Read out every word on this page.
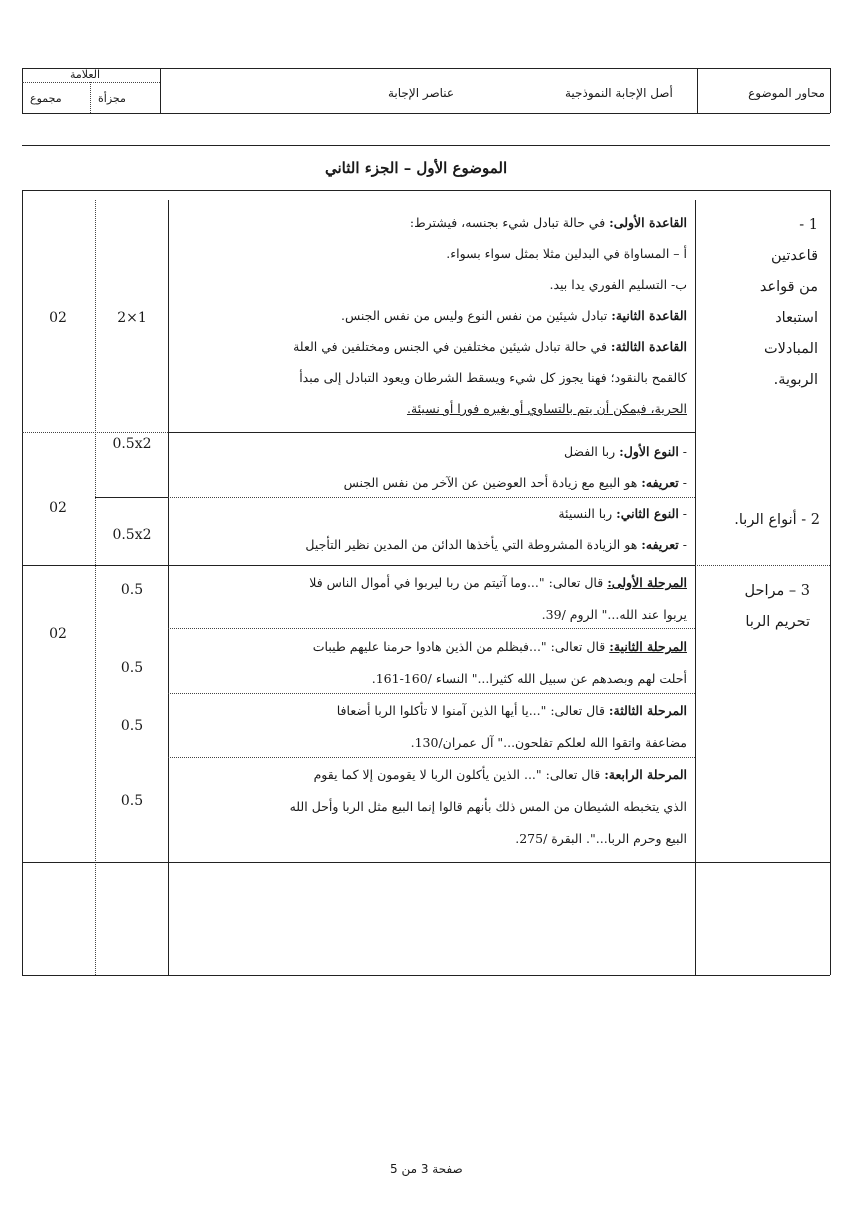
محاور الموضوع
أصل الإجابة النموذجية
عناصر الإجابة
العلامة
مجزأة
مجموع
الموضوع الأول – الجزء الثاني
1 - قاعدتين من قواعد استبعاد المبادلات الربوية.
القاعدة الأولى: في حالة تبادل شيء بجنسه، فيشترط:
أ – المساواة في البدلين مثلا بمثل سواء بسواء.
ب- التسليم الفوري يدا بيد.
القاعدة الثانية: تبادل شيئين من نفس النوع وليس من نفس الجنس.
القاعدة الثالثة: في حالة تبادل شيئين مختلفين في الجنس ومختلفين في العلة
كالقمح بالنقود؛ فهنا يجوز كل شيء ويسقط الشرطان ويعود التبادل إلى مبدأ
الحرية، فيمكن أن يتم بالتساوي أو بغيره فورا أو نسيئة.
2×1
02
2 - أنواع الربا.
- النوع الأول: ربا الفضل
- تعريفه: هو البيع مع زيادة أحد العوضين عن الآخر من نفس الجنس
- النوع الثاني: ربا النسيئة
- تعريفه: هو الزيادة المشروطة التي يأخذها الدائن من المدين نظير التأجيل
0.5x2
0.5x2
02
3 – مراحل تحريم الربا
المرحلة الأولى: قال تعالى: "...وما آتيتم من ربا ليربوا في أموال الناس فلا
يربوا عند الله..." الروم /39.
المرحلة الثانية: قال تعالى: "...فبظلم من الذين هادوا حرمنا عليهم طيبات
أحلت لهم وبصدهم عن سبيل الله كثيرا..." النساء /160-161.
المرحلة الثالثة: قال تعالى: "...يا أيها الذين آمنوا لا تأكلوا الربا أضعافا
مضاعفة واتقوا الله لعلكم تفلحون..." آل عمران/130.
المرحلة الرابعة: قال تعالى: "... الذين يأكلون الربا لا يقومون إلا كما يقوم
الذي يتخبطه الشيطان من المس ذلك بأنهم قالوا إنما البيع مثل الربا وأحل الله
البيع وحرم الربا...". البقرة /275.
0.5
0.5
0.5
0.5
02
صفحة 3 من 5
